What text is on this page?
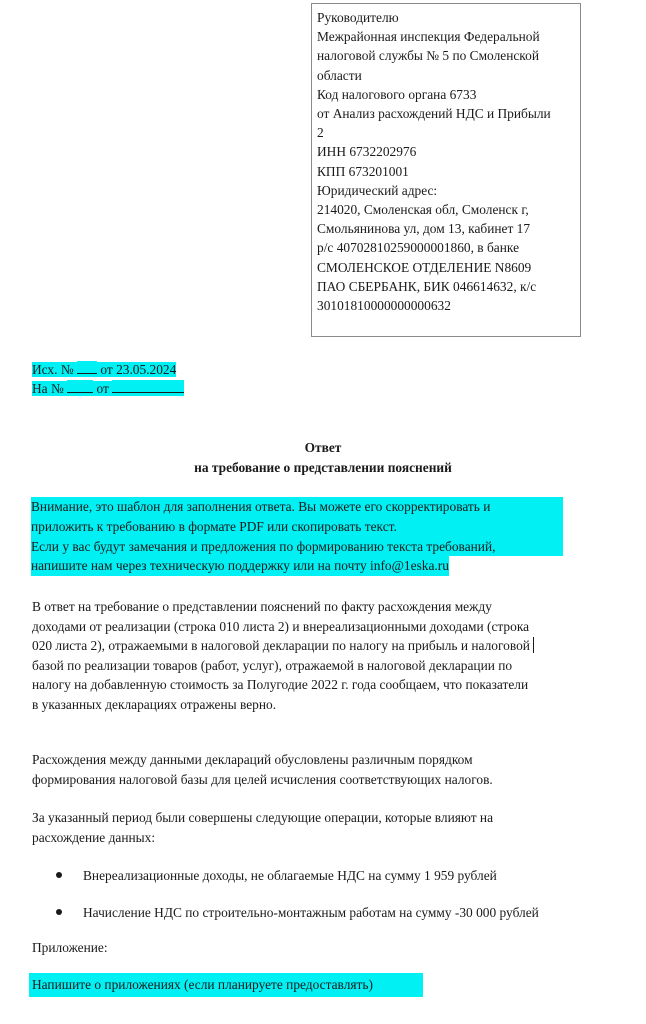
Руководителю
Межрайонная инспекция Федеральной
налоговой службы № 5 по Смоленской
области
Код налогового органа 6733
от Анализ расхождений НДС и Прибыли
2
ИНН 6732202976
КПП 673201001
Юридический адрес:
214020, Смоленская обл, Смоленск г,
Смольянинова ул, дом 13, кабинет 17
р/с 40702810259000001860, в банке
СМОЛЕНСКОЕ ОТДЕЛЕНИЕ N8609
ПАО СБЕРБАНК, БИК 046614632, к/с
30101810000000000632
Исх. № от 23.05.2024
На № от
Ответ
на требование о представлении пояснений
Внимание, это шаблон для заполнения ответа. Вы можете его скорректировать и
приложить к требованию в формате PDF или скопировать текст.
Если у вас будут замечания и предложения по формированию текста требований,
напишите нам через техническую поддержку или на почту info@1eska.ru
В ответ на требование о представлении пояснений по факту расхождения между
доходами от реализации (строка 010 листа 2) и внереализационными доходами (строка
020 листа 2), отражаемыми в налоговой декларации по налогу на прибыль и налоговой
базой по реализации товаров (работ, услуг), отражаемой в налоговой декларации по
налогу на добавленную стоимость за Полугодие 2022 г. года сообщаем, что показатели
в указанных декларациях отражены верно.
Расхождения между данными деклараций обусловлены различным порядком
формирования налоговой базы для целей исчисления соответствующих налогов.
За указанный период были совершены следующие операции, которые влияют на
расхождение данных:
Внереализационные доходы, не облагаемые НДС на сумму 1 959 рублей
Начисление НДС по строительно-монтажным работам на сумму -30 000 рублей
Приложение:
Напишите о приложениях (если планируете предоставлять)
